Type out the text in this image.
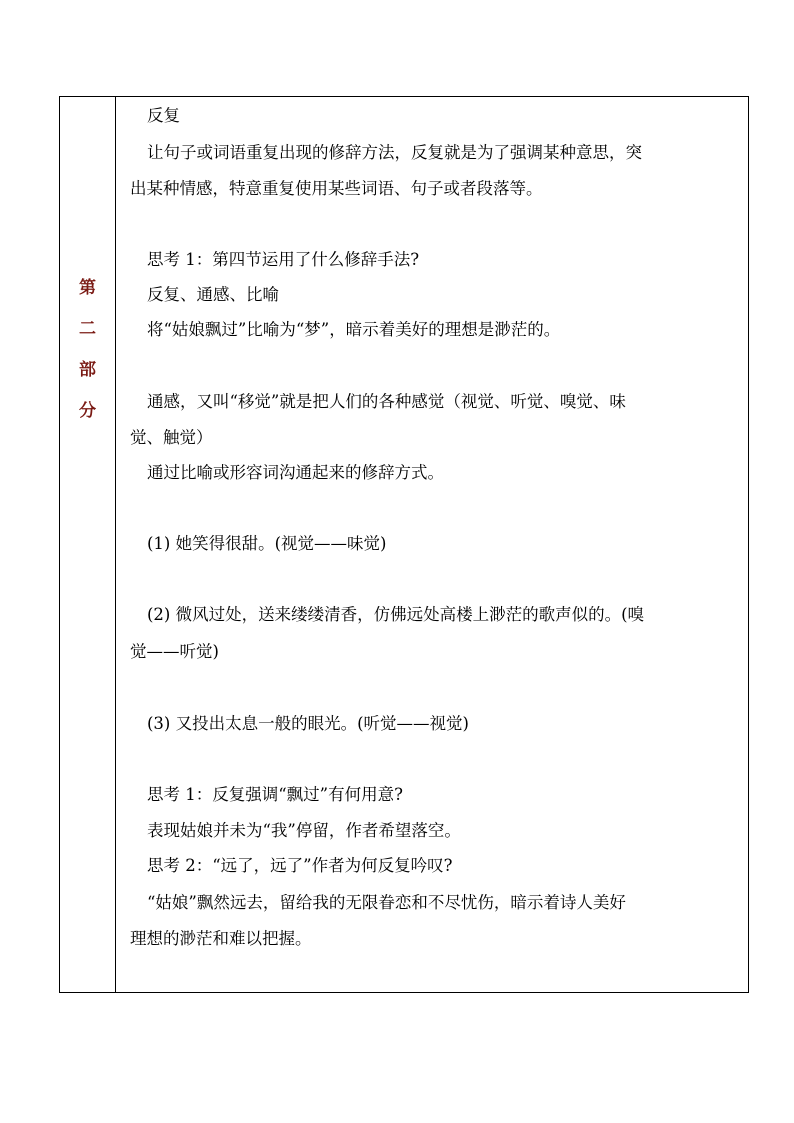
第
二
部
分
反复
让句子或词语重复出现的修辞方法，反复就是为了强调某种意思，突
出某种情感，特意重复使用某些词语、句子或者段落等。
思考 1：第四节运用了什么修辞手法?
反复、通感、比喻
将“姑娘飘过”比喻为“梦”，暗示着美好的理想是渺茫的。
通感，又叫“移觉”就是把人们的各种感觉（视觉、听觉、嗅觉、味
觉、触觉）
通过比喻或形容词沟通起来的修辞方式。
(1) 她笑得很甜。(视觉——味觉)
(2) 微风过处，送来缕缕清香，仿佛远处高楼上渺茫的歌声似的。(嗅
觉——听觉)
(3) 又投出太息一般的眼光。(听觉——视觉)
思考 1：反复强调“飘过”有何用意?
表现姑娘并未为“我”停留，作者希望落空。
思考 2：“远了，远了”作者为何反复吟叹?
“姑娘”飘然远去，留给我的无限眷恋和不尽忧伤，暗示着诗人美好
理想的渺茫和难以把握。
